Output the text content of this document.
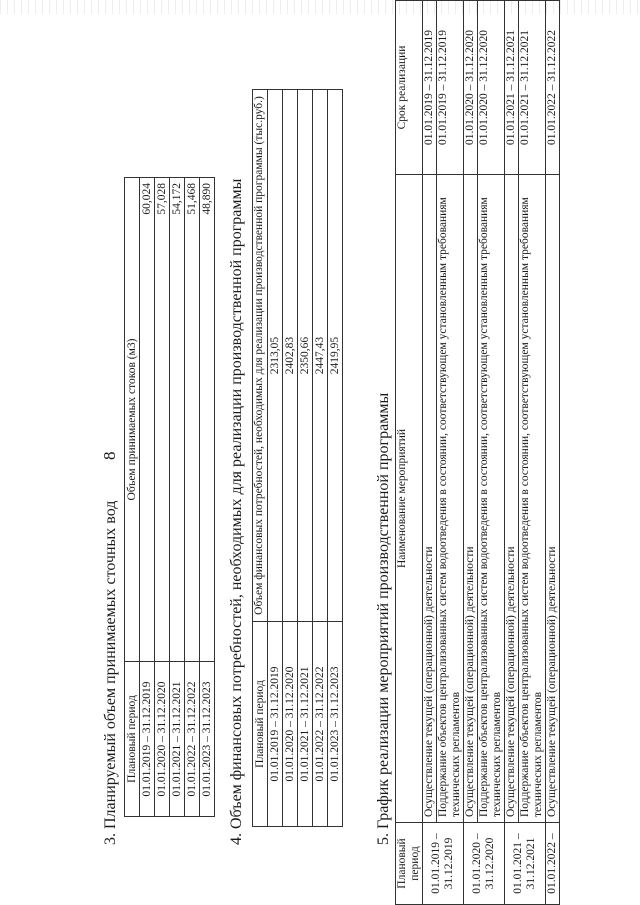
8
3. Планируемый объем принимаемых сточных вод Плановый период	Объем принимаемых стоков (м3)
01.01.2019 – 31.12.2019	60,024
01.01.2020 – 31.12.2020	57,028
01.01.2021 – 31.12.2021	54,172
01.01.2022 – 31.12.2022	51,468
01.01.2023 – 31.12.2023	48,890 4. Объем финансовых потребностей, необходимых для реализации производственной программы Плановый период	Объем финансовых потребностей, необходимых для реализации производственной программы (тыс.руб.)
01.01.2019 – 31.12.2019	2313,05
01.01.2020 – 31.12.2020	2402,83
01.01.2021 – 31.12.2021	2350,66
01.01.2022 – 31.12.2022	2447,43
01.01.2023 – 31.12.2023	2419,95
5. График реализации мероприятий производственной программы
Плановый период	Наименование мероприятий	Срок реализации
01.01.2019 – 31.12.2019	Осуществление текущей (операционной) деятельности	01.01.2019 – 31.12.2019
	Поддержание объектов централизованных систем водоотведения в состоянии, соответствующем установленным требованиям технических регламентов	01.01.2019 – 31.12.2019
01.01.2020 – 31.12.2020	Осуществление текущей (операционной) деятельности	01.01.2020 – 31.12.2020
	Поддержание объектов централизованных систем водоотведения в состоянии, соответствующем установленным требованиям технических регламентов	01.01.2020 – 31.12.2020
01.01.2021 – 31.12.2021	Осуществление текущей (операционной) деятельности	01.01.2021 – 31.12.2021
	Поддержание объектов централизованных систем водоотведения в состоянии, соответствующем установленным требованиям технических регламентов	01.01.2021 – 31.12.2021
01.01.2022 –	Осуществление текущей (операционной) деятельности	01.01.2022 – 31.12.2022
